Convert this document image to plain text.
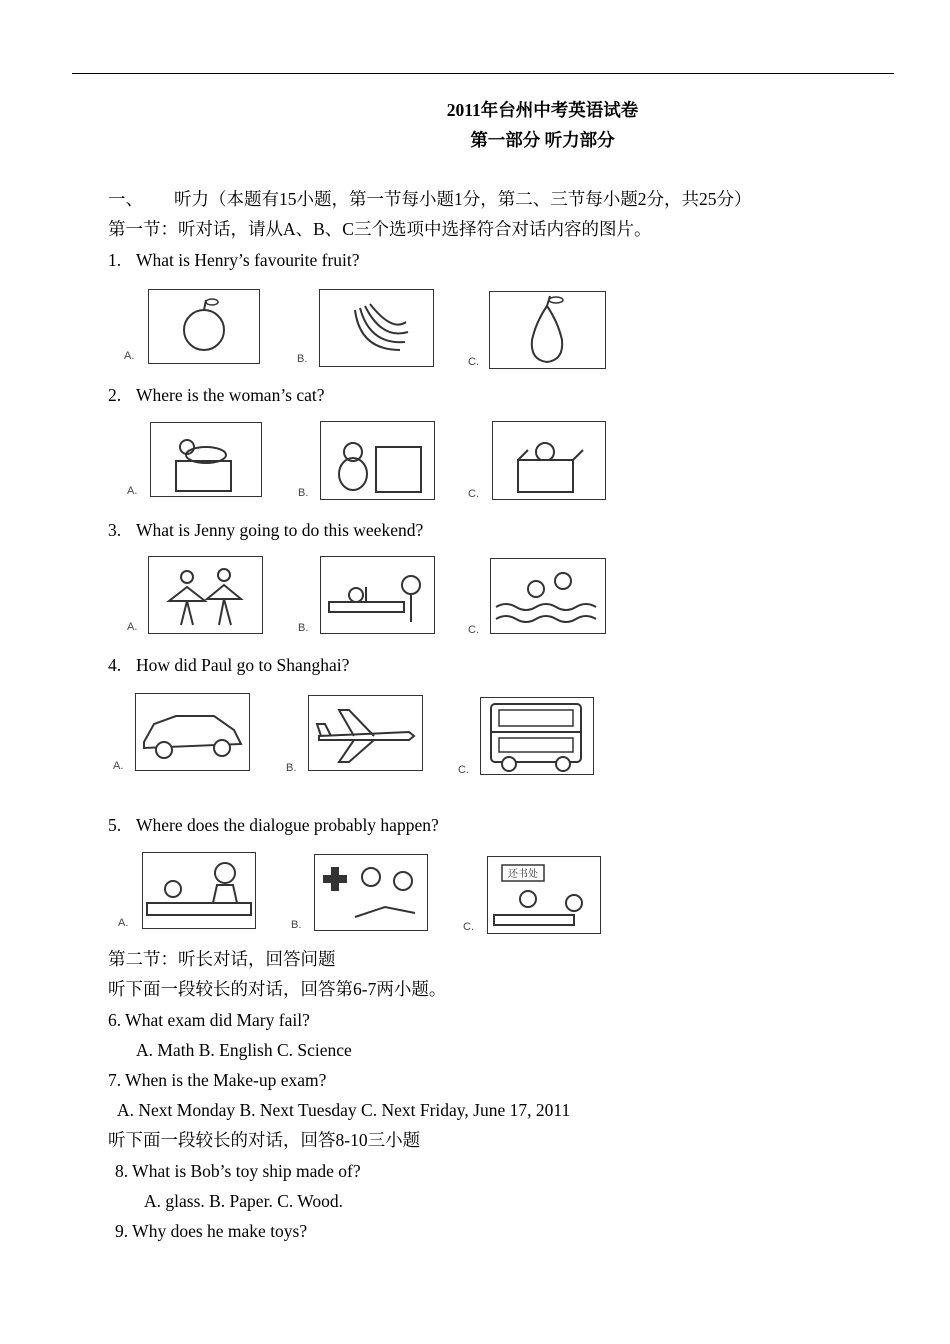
2011年台州中考英语试卷
第一部分 听力部分
一、 听力（本题有15小题，第一节每小题1分，第二、三节每小题2分，共25分）
第一节：听对话，请从A、B、C三个选项中选择符合对话内容的图片。
1. What is Henry’s favourite fruit?
A.	B.	C.
2. Where is the woman’s cat?
A.	B.	C.
3. What is Jenny going to do this weekend?
A.	B.	C.
4. How did Paul go to Shanghai?
A.	B.	C.
5. Where does the dialogue probably happen?
A.	B.
还书处
C.
第二节：听长对话，回答问题
听下面一段较长的对话，回答第6-7两小题。
6. What exam did Mary fail?
A. Math B. English C. Science
7. When is the Make-up exam?
A. Next Monday B. Next Tuesday C. Next Friday, June 17, 2011
听下面一段较长的对话，回答8-10三小题
8. What is Bob’s toy ship made of?
A. glass. B. Paper. C. Wood.
9. Why does he make toys?
